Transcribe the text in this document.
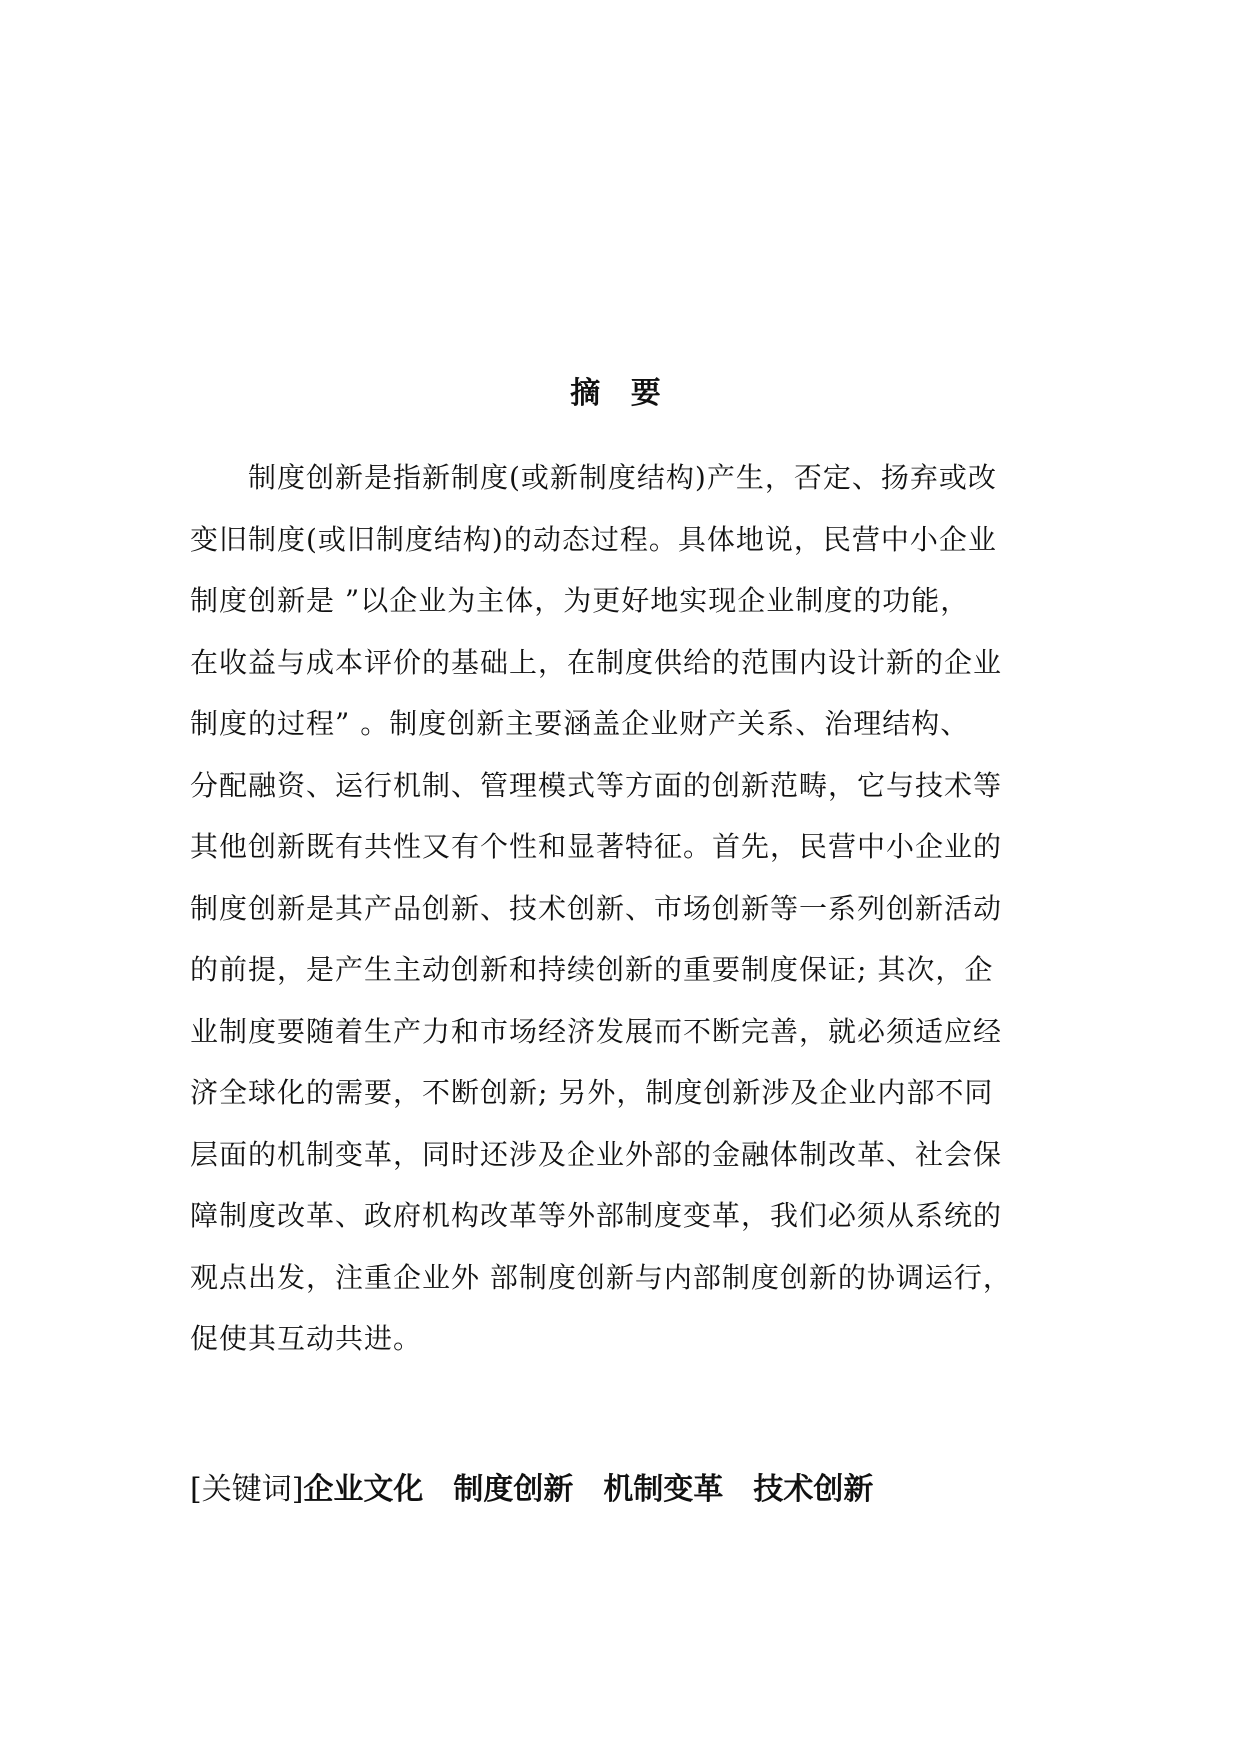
摘 要
制度创新是指新制度(或新制度结构)产生，否定、扬弃或改
变旧制度(或旧制度结构)的动态过程。具体地说，民营中小企业
制度创新是 ”以企业为主体，为更好地实现企业制度的功能，
在收益与成本评价的基础上，在制度供给的范围内设计新的企业
制度的过程” 。制度创新主要涵盖企业财产关系、治理结构、
分配融资、运行机制、管理模式等方面的创新范畴，它与技术等
其他创新既有共性又有个性和显著特征。首先，民营中小企业的
制度创新是其产品创新、技术创新、市场创新等一系列创新活动
的前提，是产生主动创新和持续创新的重要制度保证; 其次，企
业制度要随着生产力和市场经济发展而不断完善，就必须适应经
济全球化的需要，不断创新; 另外，制度创新涉及企业内部不同
层面的机制变革，同时还涉及企业外部的金融体制改革、社会保
障制度改革、政府机构改革等外部制度变革，我们必须从系统的
观点出发，注重企业外 部制度创新与内部制度创新的协调运行，
促使其互动共进。

[关键词]企业文化 制度创新 机制变革 技术创新
